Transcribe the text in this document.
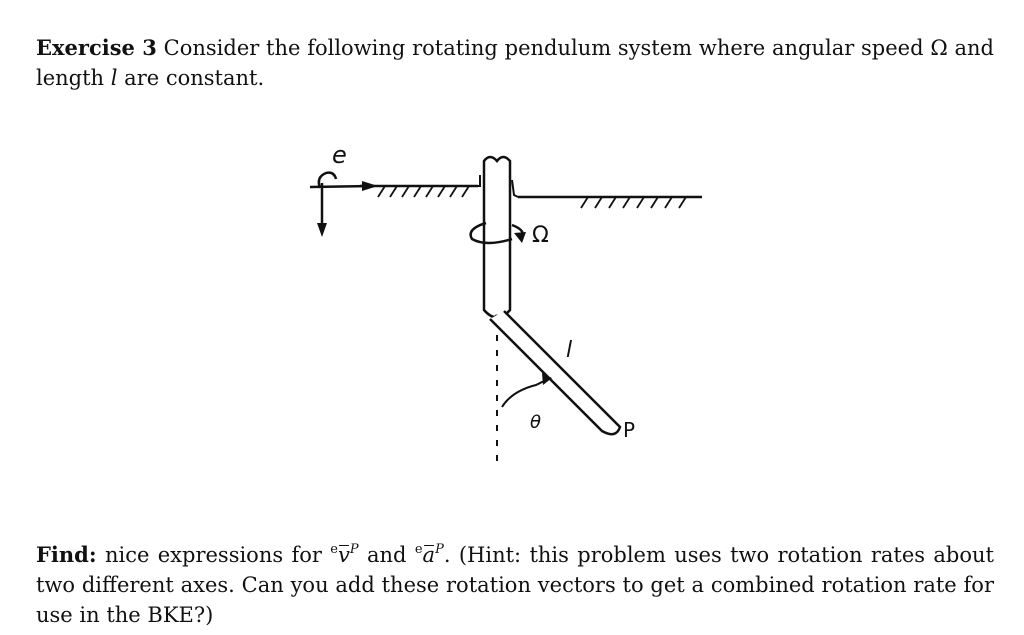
Exercise 3 Consider the following rotating pendulum system where angular speed Ω and length l are constant.
e
Ω
l
θ	P
Find: nice expressions for $^ev^P$ and $^ea^P$. (Hint: this problem uses two rotation rates about two different axes. Can you add these rotation vectors to get a combined rotation rate for use in the BKE?)
